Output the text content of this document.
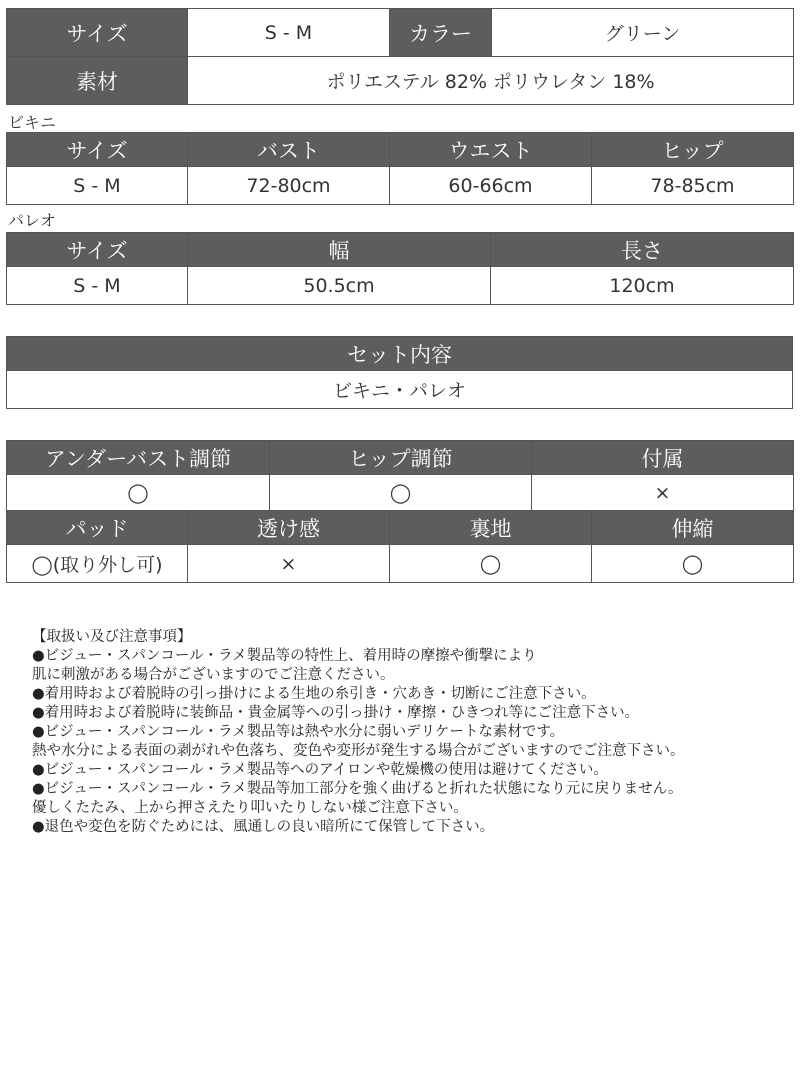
サイズ	S - M	カラー	グリーン
素材	ポリエステル 82% ポリウレタン 18%		
ビキニ
サイズ	バスト	ウエスト	ヒップ
S - M	72-80cm	60-66cm	78-85cm
パレオ
サイズ	幅	長さ
S - M	50.5cm	120cm
セット内容
ビキニ・パレオ
アンダーバスト調節	ヒップ調節	付属
◯	◯	×
パッド	透け感	裏地	伸縮
◯(取り外し可)	×	◯	◯
【取扱い及び注意事項】
●ビジュー・スパンコール・ラメ製品等の特性上、着用時の摩擦や衝撃により
肌に刺激がある場合がございますのでご注意ください。
●着用時および着脱時の引っ掛けによる生地の糸引き・穴あき・切断にご注意下さい。
●着用時および着脱時に装飾品・貴金属等への引っ掛け・摩擦・ひきつれ等にご注意下さい。
●ビジュー・スパンコール・ラメ製品等は熱や水分に弱いデリケートな素材です。
熱や水分による表面の剥がれや色落ち、変色や変形が発生する場合がございますのでご注意下さい。
●ビジュー・スパンコール・ラメ製品等へのアイロンや乾燥機の使用は避けてください。
●ビジュー・スパンコール・ラメ製品等加工部分を強く曲げると折れた状態になり元に戻りません。
優しくたたみ、上から押さえたり叩いたりしない様ご注意下さい。
●退色や変色を防ぐためには、風通しの良い暗所にて保管して下さい。
